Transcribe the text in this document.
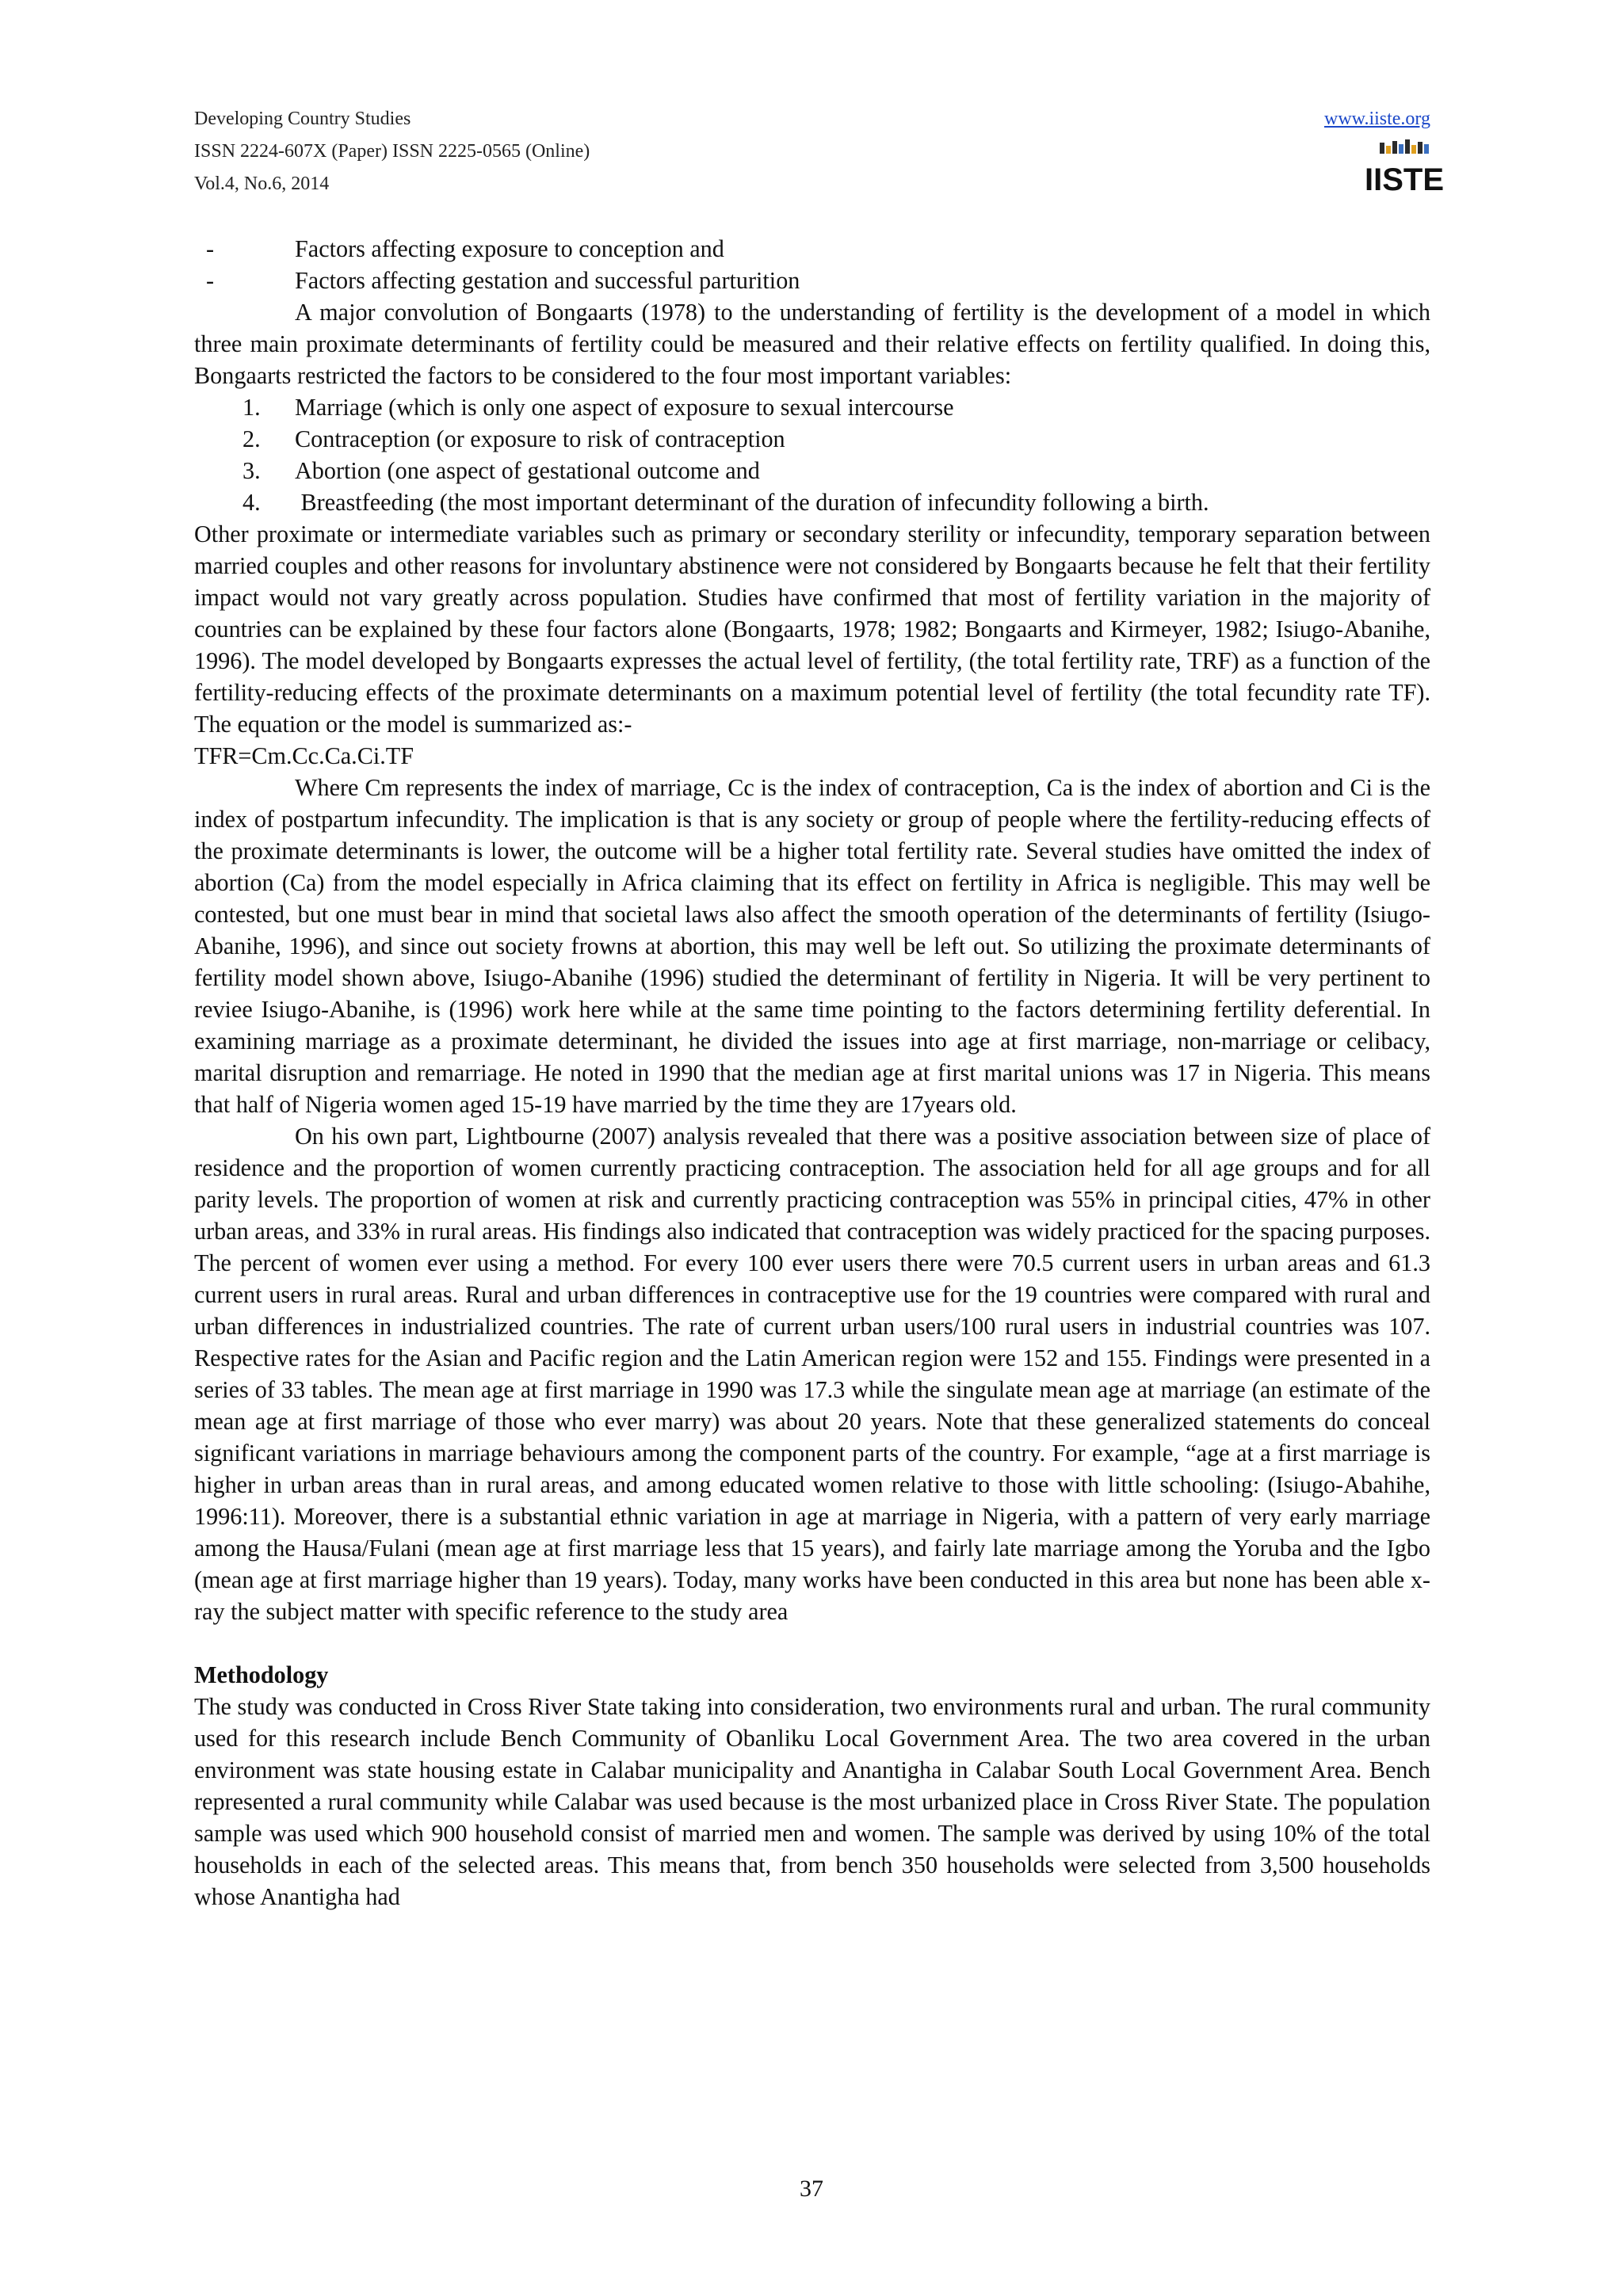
Developing Country Studies
ISSN 2224-607X (Paper) ISSN 2225-0565 (Online)
Vol.4, No.6, 2014
www.iiste.org
IISTE
-	Factors affecting exposure to conception and
-	Factors affecting gestation and successful parturition

A major convolution of Bongaarts (1978) to the understanding of fertility is the development of a model in which three main proximate determinants of fertility could be measured and their relative effects on fertility qualified. In doing this, Bongaarts restricted the factors to be considered to the four most important variables:

1. Marriage (which is only one aspect of exposure to sexual intercourse
2. Contraception (or exposure to risk of contraception
3. Abortion (one aspect of gestational outcome and
4. Breastfeeding (the most important determinant of the duration of infecundity following a birth.

Other proximate or intermediate variables such as primary or secondary sterility or infecundity, temporary separation between married couples and other reasons for involuntary abstinence were not considered by Bongaarts because he felt that their fertility impact would not vary greatly across population. Studies have confirmed that most of fertility variation in the majority of countries can be explained by these four factors alone (Bongaarts, 1978; 1982; Bongaarts and Kirmeyer, 1982; Isiugo-Abanihe, 1996). The model developed by Bongaarts expresses the actual level of fertility, (the total fertility rate, TRF) as a function of the fertility-reducing effects of the proximate determinants on a maximum potential level of fertility (the total fecundity rate TF). The equation or the model is summarized as:-

TFR=Cm.Cc.Ca.Ci.TF

Where Cm represents the index of marriage, Cc is the index of contraception, Ca is the index of abortion and Ci is the index of postpartum infecundity. The implication is that is any society or group of people where the fertility-reducing effects of the proximate determinants is lower, the outcome will be a higher total fertility rate. Several studies have omitted the index of abortion (Ca) from the model especially in Africa claiming that its effect on fertility in Africa is negligible. This may well be contested, but one must bear in mind that societal laws also affect the smooth operation of the determinants of fertility (Isiugo-Abanihe, 1996), and since out society frowns at abortion, this may well be left out. So utilizing the proximate determinants of fertility model shown above, Isiugo-Abanihe (1996) studied the determinant of fertility in Nigeria. It will be very pertinent to reviee Isiugo-Abanihe, is (1996) work here while at the same time pointing to the factors determining fertility deferential. In examining marriage as a proximate determinant, he divided the issues into age at first marriage, non-marriage or celibacy, marital disruption and remarriage. He noted in 1990 that the median age at first marital unions was 17 in Nigeria. This means that half of Nigeria women aged 15-19 have married by the time they are 17years old.

On his own part, Lightbourne (2007) analysis revealed that there was a positive association between size of place of residence and the proportion of women currently practicing contraception. The association held for all age groups and for all parity levels. The proportion of women at risk and currently practicing contraception was 55% in principal cities, 47% in other urban areas, and 33% in rural areas. His findings also indicated that contraception was widely practiced for the spacing purposes. The percent of women ever using a method. For every 100 ever users there were 70.5 current users in urban areas and 61.3 current users in rural areas. Rural and urban differences in contraceptive use for the 19 countries were compared with rural and urban differences in industrialized countries. The rate of current urban users/100 rural users in industrial countries was 107. Respective rates for the Asian and Pacific region and the Latin American region were 152 and 155. Findings were presented in a series of 33 tables. The mean age at first marriage in 1990 was 17.3 while the singulate mean age at marriage (an estimate of the mean age at first marriage of those who ever marry) was about 20 years. Note that these generalized statements do conceal significant variations in marriage behaviours among the component parts of the country. For example, “age at a first marriage is higher in urban areas than in rural areas, and among educated women relative to those with little schooling: (Isiugo-Abahihe, 1996:11). Moreover, there is a substantial ethnic variation in age at marriage in Nigeria, with a pattern of very early marriage among the Hausa/Fulani (mean age at first marriage less that 15 years), and fairly late marriage among the Yoruba and the Igbo (mean age at first marriage higher than 19 years). Today, many works have been conducted in this area but none has been able x-ray the subject matter with specific reference to the study area

Methodology

The study was conducted in Cross River State taking into consideration, two environments rural and urban. The rural community used for this research include Bench Community of Obanliku Local Government Area. The two area covered in the urban environment was state housing estate in Calabar municipality and Anantigha in Calabar South Local Government Area. Bench represented a rural community while Calabar was used because is the most urbanized place in Cross River State. The population sample was used which 900 household consist of married men and women. The sample was derived by using 10% of the total households in each of the selected areas. This means that, from bench 350 households were selected from 3,500 households whose Anantigha had

37
